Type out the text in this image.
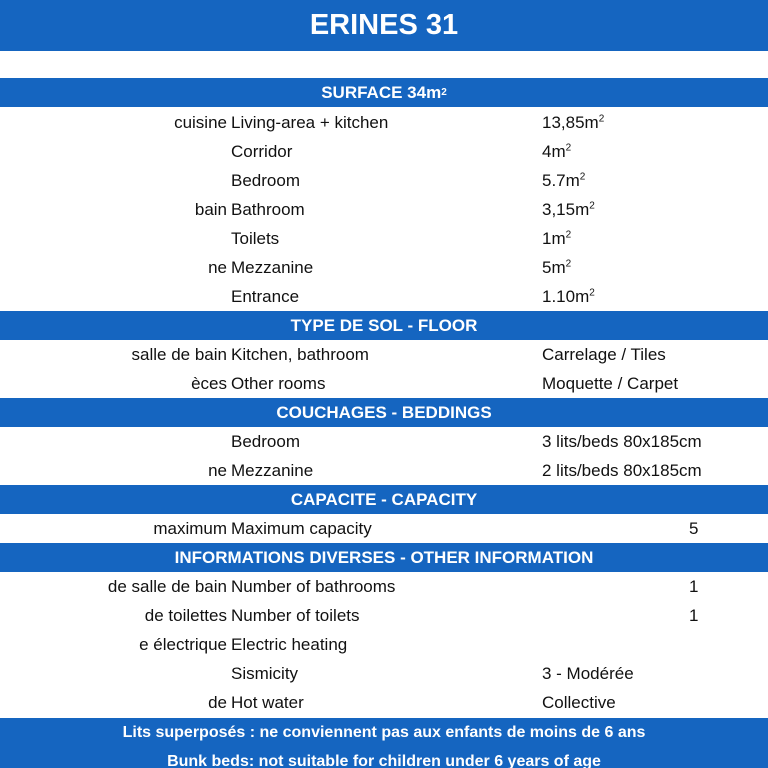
ERINES 31
SURFACE 34m 2
cuisine Living-area + kitchen	$13,85m^2$
Corridor	$4m^2$
Bedroom	$5.7m^2$
bain Bathroom	$3,15m^2$
Toilets	$1m^2$
ne Mezzanine	$5m^2$
Entrance	$1.10m^2$
TYPE DE SOL - FLOOR
salle de bain Kitchen, bathroom	Carrelage / Tiles
èces Other rooms	Moquette / Carpet
COUCHAGES - BEDDINGS
Bedroom	3 lits/beds 80x185cm
ne Mezzanine	2 lits/beds 80x185cm
CAPACITE - CAPACITY
maximum Maximum capacity	5
INFORMATIONS DIVERSES - OTHER INFORMATION
de salle de bain Number of bathrooms	1
de toilettes Number of toilets	1
e électrique Electric heating
Sismicity	3 - Modérée
de Hot water	Collective
Lits superposés : ne conviennent pas aux enfants de moins de 6 ans
Bunk beds: not suitable for children under 6 years of age
